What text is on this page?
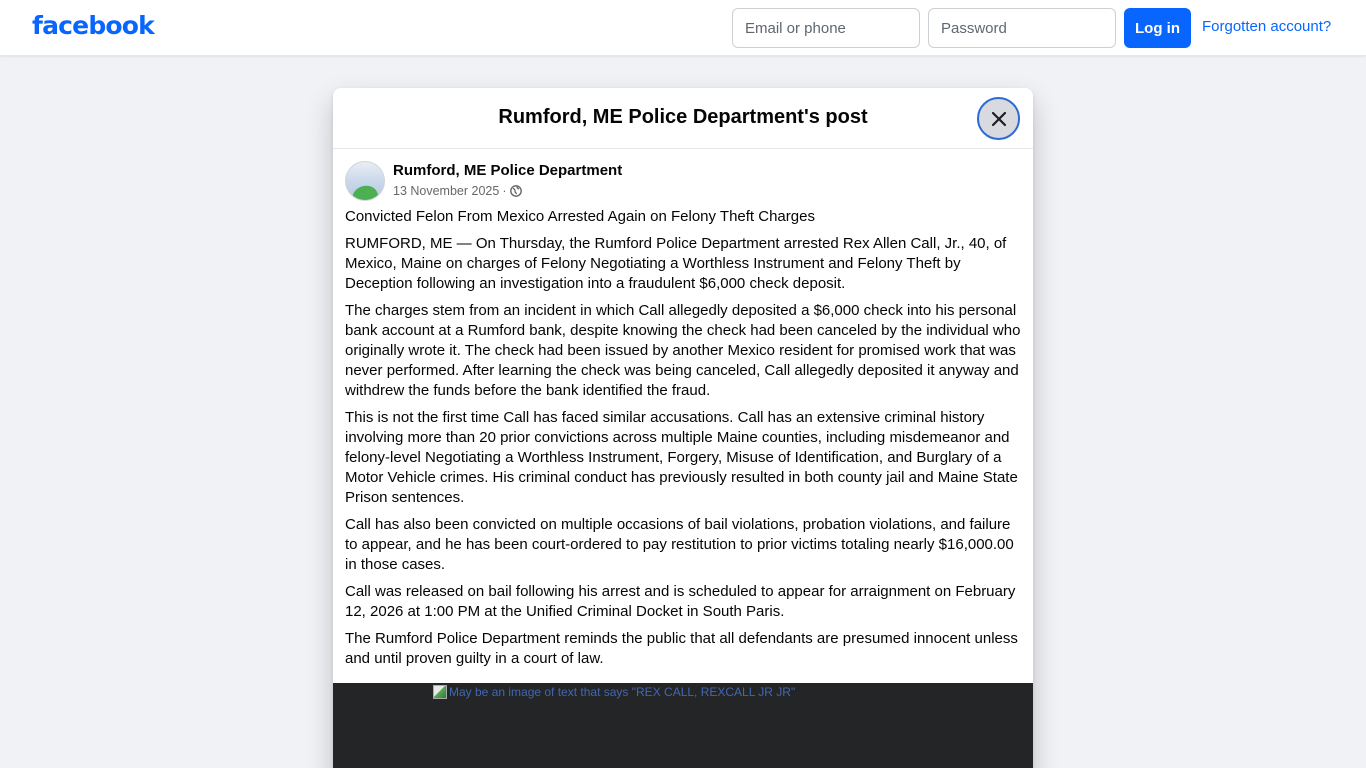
facebook
Email or phone	Log in	Forgotten account?
Rumford, ME Police Department's post
Rumford, ME Police Department
13 November 2025 ·

Convicted Felon From Mexico Arrested Again on Felony Theft Charges

RUMFORD, ME — On Thursday, the Rumford Police Department arrested Rex Allen Call, Jr., 40, of Mexico, Maine on charges of Felony Negotiating a Worthless Instrument and Felony Theft by Deception following an investigation into a fraudulent $6,000 check deposit.

The charges stem from an incident in which Call allegedly deposited a $6,000 check into his personal bank account at a Rumford bank, despite knowing the check had been canceled by the individual who originally wrote it. The check had been issued by another Mexico resident for promised work that was never performed. After learning the check was being canceled, Call allegedly deposited it anyway and withdrew the funds before the bank identified the fraud.

This is not the first time Call has faced similar accusations. Call has an extensive criminal history involving more than 20 prior convictions across multiple Maine counties, including misdemeanor and felony-level Negotiating a Worthless Instrument, Forgery, Misuse of Identification, and Burglary of a Motor Vehicle crimes. His criminal conduct has previously resulted in both county jail and Maine State Prison sentences.

Call has also been convicted on multiple occasions of bail violations, probation violations, and failure to appear, and he has been court-ordered to pay restitution to prior victims totaling nearly $16,000.00 in those cases.

Call was released on bail following his arrest and is scheduled to appear for arraignment on February 12, 2026 at 1:00 PM at the Unified Criminal Docket in South Paris.

The Rumford Police Department reminds the public that all defendants are presumed innocent unless and until proven guilty in a court of law.

May be an image of text that says "REX CALL, REXCALL JR JR"
